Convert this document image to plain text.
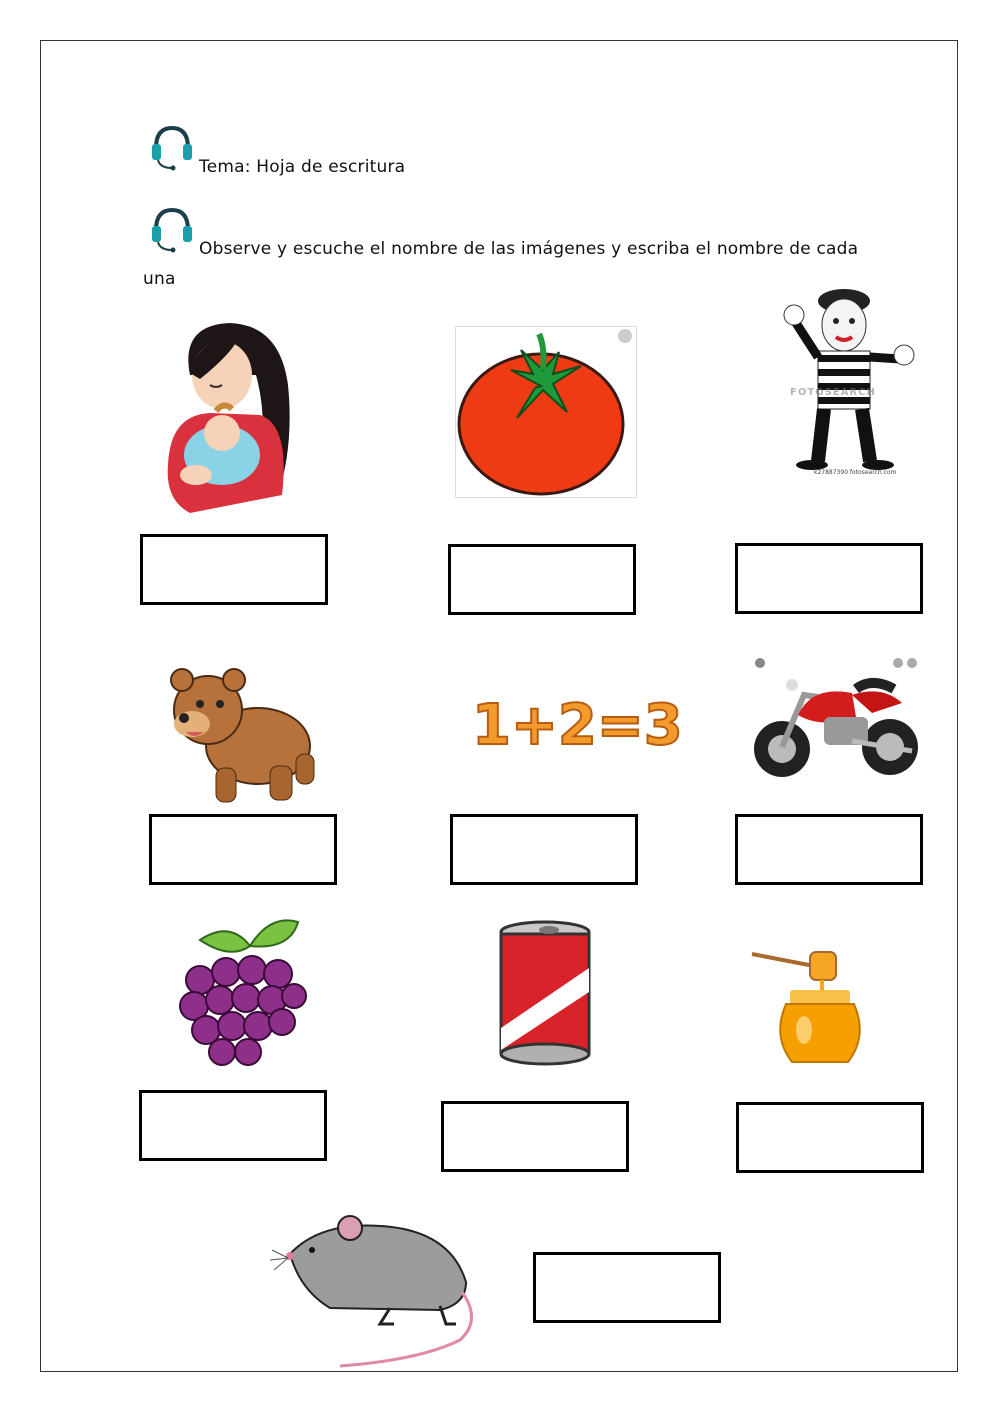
Tema: Hoja de escritura
Observe y escuche el nombre de las imágenes y escriba el nombre de cada
una
FOTOSEARCH
k27887390 fotosearch.com
1+2=3
